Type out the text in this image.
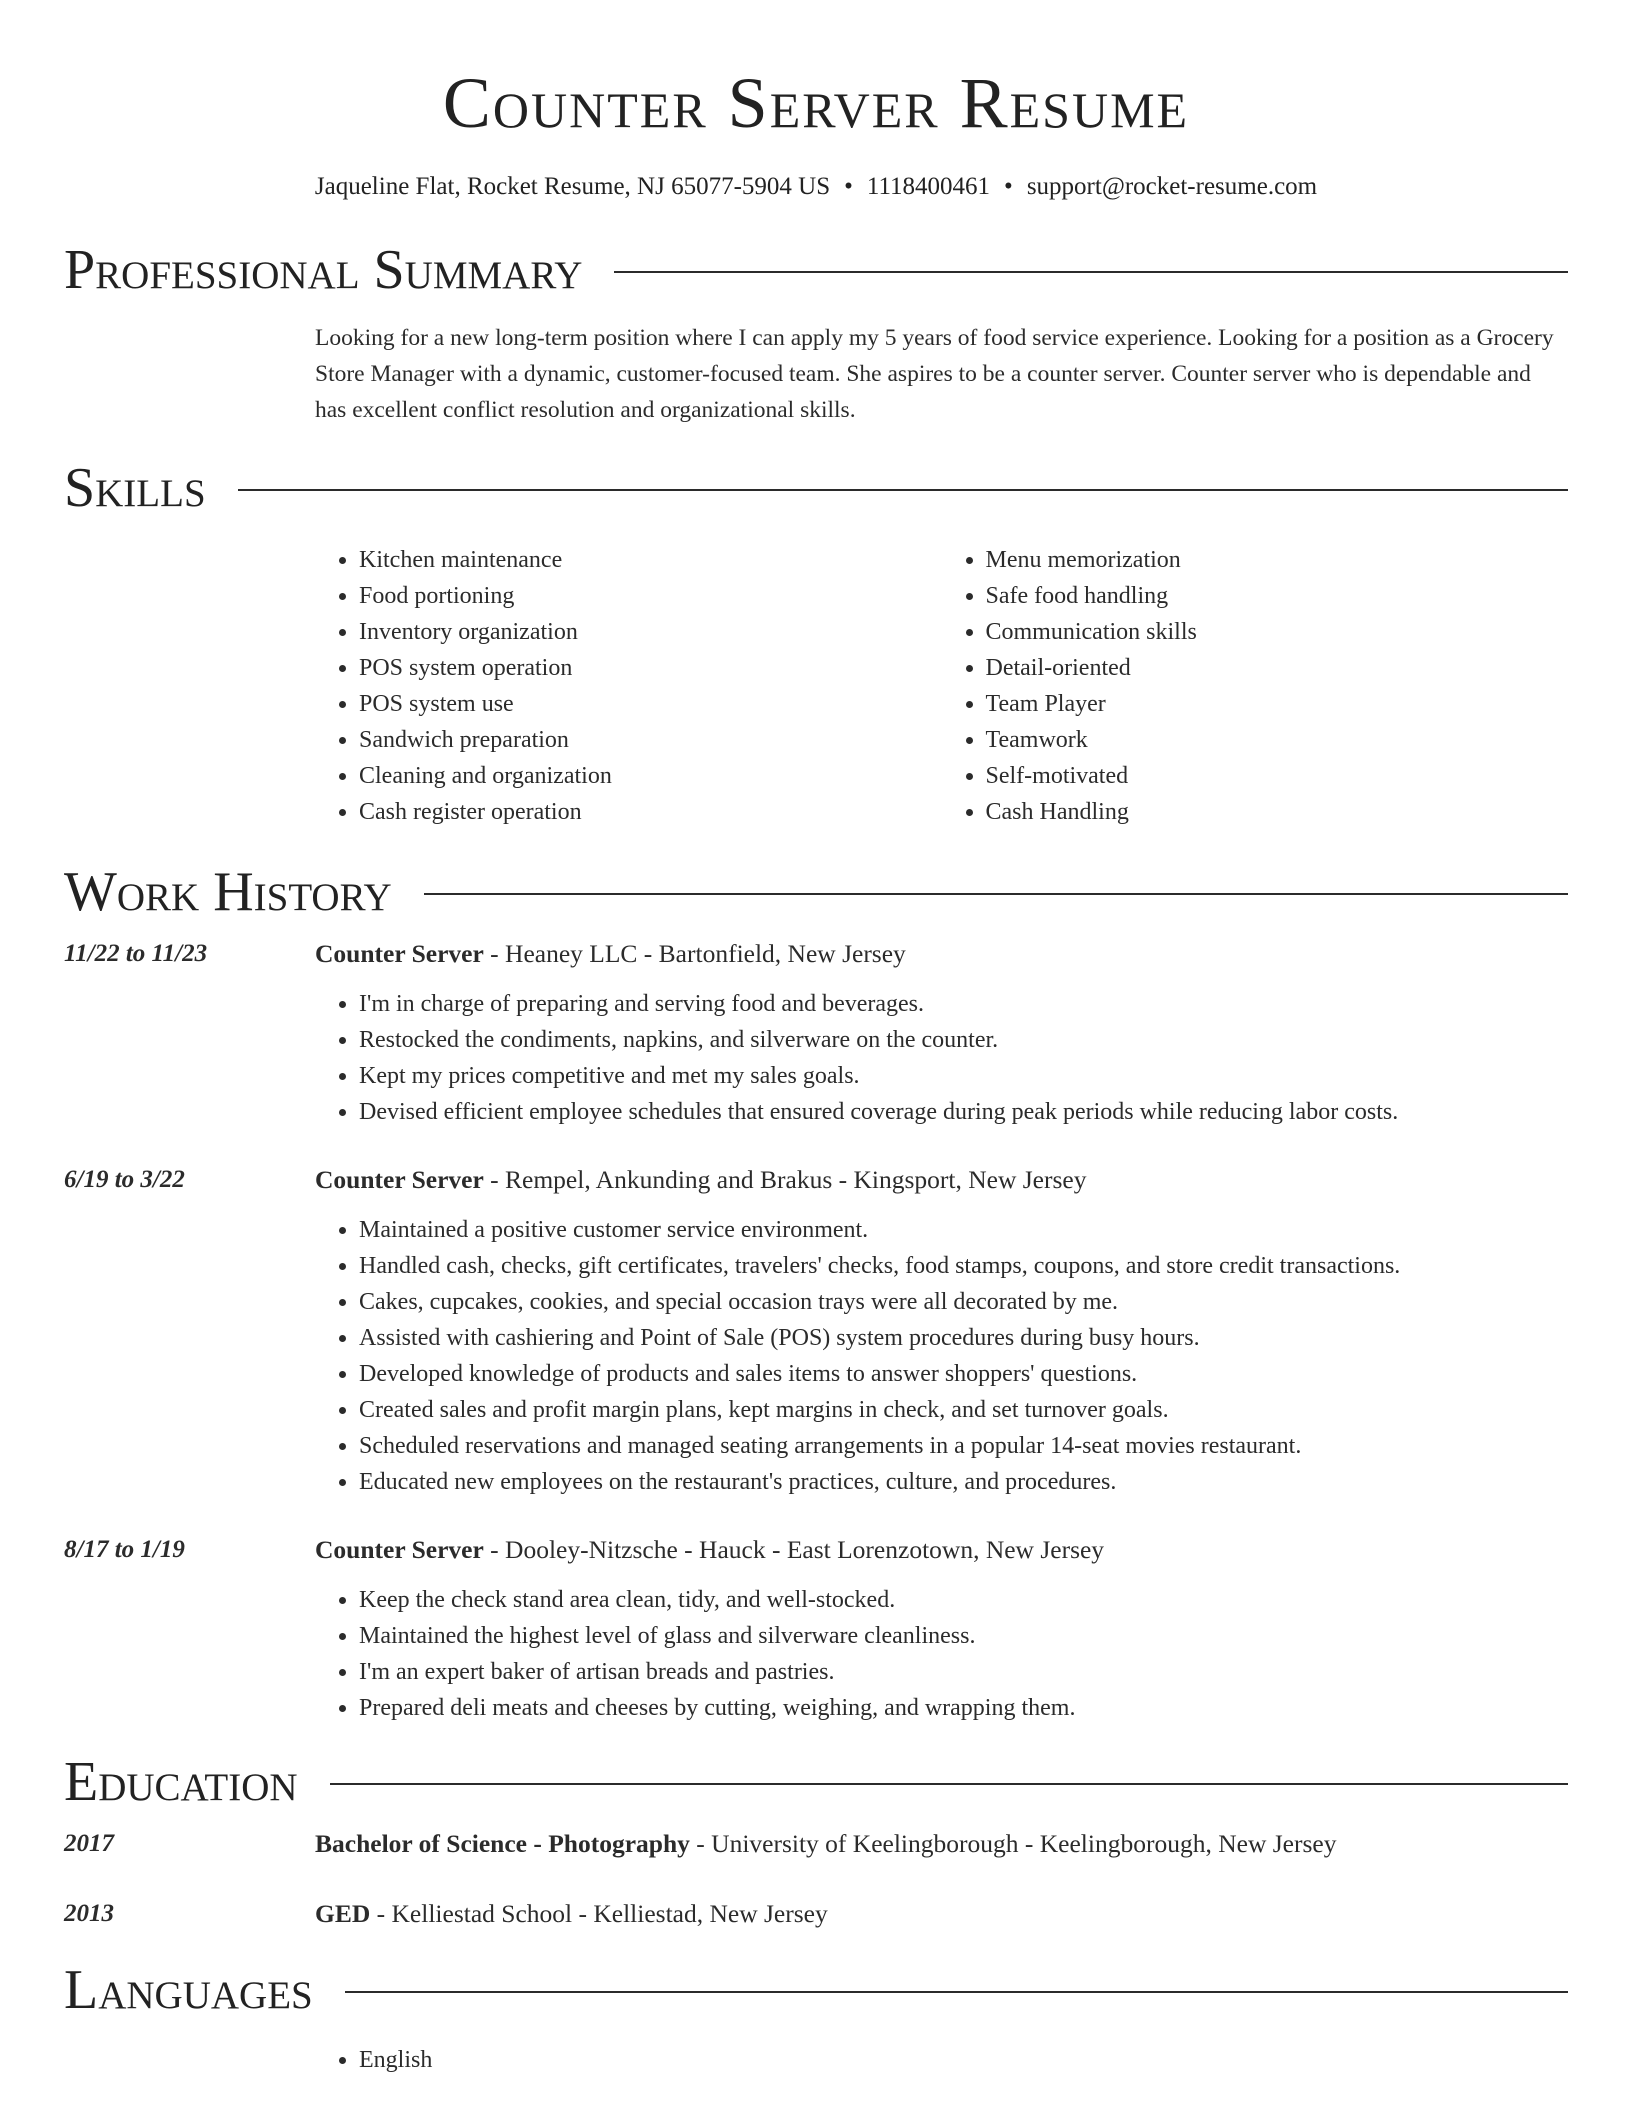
Counter Server Resume
Jaqueline Flat, Rocket Resume, NJ 65077-5904 US • 1118400461 • support@rocket-resume.com
Professional Summary
Looking for a new long-term position where I can apply my 5 years of food service experience. Looking for a position as a Grocery Store Manager with a dynamic, customer-focused team. She aspires to be a counter server. Counter server who is dependable and has excellent conflict resolution and organizational skills.
Skills
• Kitchen maintenance
• Food portioning
• Inventory organization
• POS system operation
• POS system use
• Sandwich preparation
• Cleaning and organization
• Cash register operation
• Menu memorization
• Safe food handling
• Communication skills
• Detail-oriented
• Team Player
• Teamwork
• Self-motivated
• Cash Handling
Work History
11/22 to 11/23	Counter Server - Heaney LLC - Bartonfield, New Jersey
• I'm in charge of preparing and serving food and beverages.
• Restocked the condiments, napkins, and silverware on the counter.
• Kept my prices competitive and met my sales goals.
• Devised efficient employee schedules that ensured coverage during peak periods while reducing labor costs.
6/19 to 3/22	Counter Server - Rempel, Ankunding and Brakus - Kingsport, New Jersey
• Maintained a positive customer service environment.
• Handled cash, checks, gift certificates, travelers' checks, food stamps, coupons, and store credit transactions.
• Cakes, cupcakes, cookies, and special occasion trays were all decorated by me.
• Assisted with cashiering and Point of Sale (POS) system procedures during busy hours.
• Developed knowledge of products and sales items to answer shoppers' questions.
• Created sales and profit margin plans, kept margins in check, and set turnover goals.
• Scheduled reservations and managed seating arrangements in a popular 14-seat movies restaurant.
• Educated new employees on the restaurant's practices, culture, and procedures.
8/17 to 1/19	Counter Server - Dooley-Nitzsche - Hauck - East Lorenzotown, New Jersey
• Keep the check stand area clean, tidy, and well-stocked.
• Maintained the highest level of glass and silverware cleanliness.
• I'm an expert baker of artisan breads and pastries.
• Prepared deli meats and cheeses by cutting, weighing, and wrapping them.
Education
2017	Bachelor of Science - Photography - University of Keelingborough - Keelingborough, New Jersey
2013	GED - Kelliestad School - Kelliestad, New Jersey
Languages
• English
